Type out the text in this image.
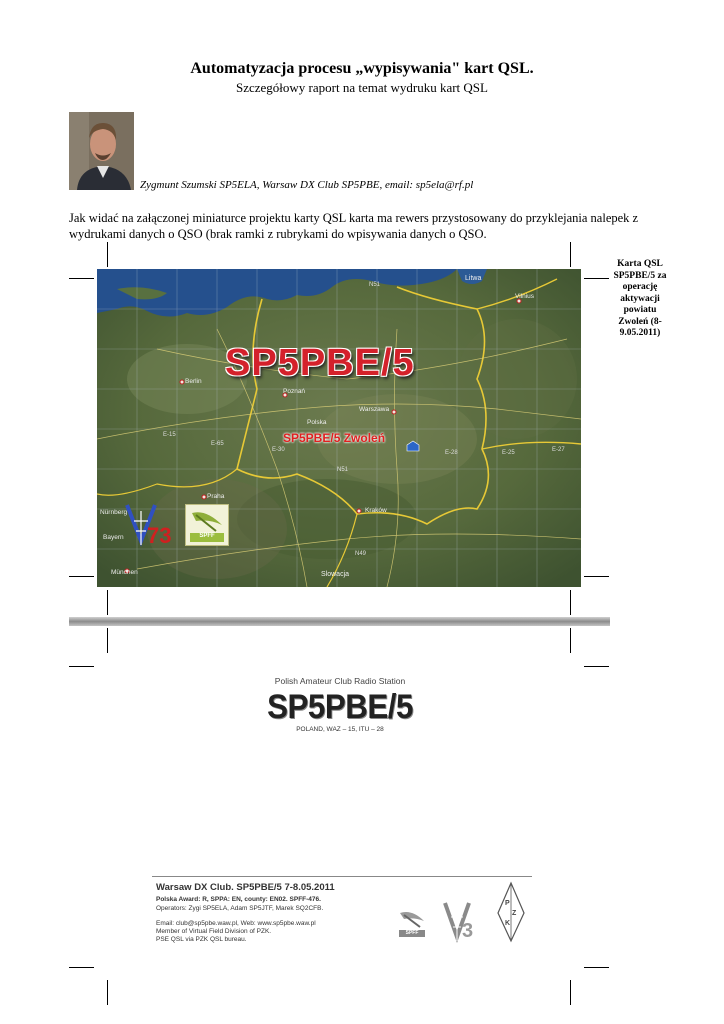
Automatyzacja procesu „wypisywania" kart QSL.
Szczegółowy raport na temat wydruku kart QSL
Zygmunt Szumski SP5ELA, Warsaw DX Club SP5PBE, email: sp5ela@rf.pl
Jak widać na załączonej miniaturce projektu karty QSL karta ma rewers przystosowany do przyklejania nalepek z wydrukami danych o QSO (brak ramki z rubrykami do wpisywania danych o QSO.
Litwa
Vilnius
N51
Berlin
Poznań
Warszawa
Polska
Kraków
Praha
Nürnberg
Bayern
München	Slowacja
N49
E-15
E-65
E-30
N51
E-28	E-25	E-27
SP5PBE/5
SP5PBE/5 Zwoleń
73	SPFF
Karta QSL SP5PBE/5 za operację aktywacji powiatu Zwoleń (8-9.05.2011)
Polish Amateur Club Radio Station
SP5PBE/5
POLAND, WAZ – 15, ITU – 28
Warsaw DX Club. SP5PBE/5 7-8.05.2011
Polska Award: R, SPPA: EN, county: EN02. SPFF-476.
Operators: Zygi SP5ELA, Adam SP5JTF, Marek SQ2CFB.
Email: club@sp5pbe.waw.pl, Web: www.sp5pbe.waw.pl
Member of Virtual Field Division of PZK.
PSE QSL via PZK QSL bureau.
SPFF	3
P
Z
K
